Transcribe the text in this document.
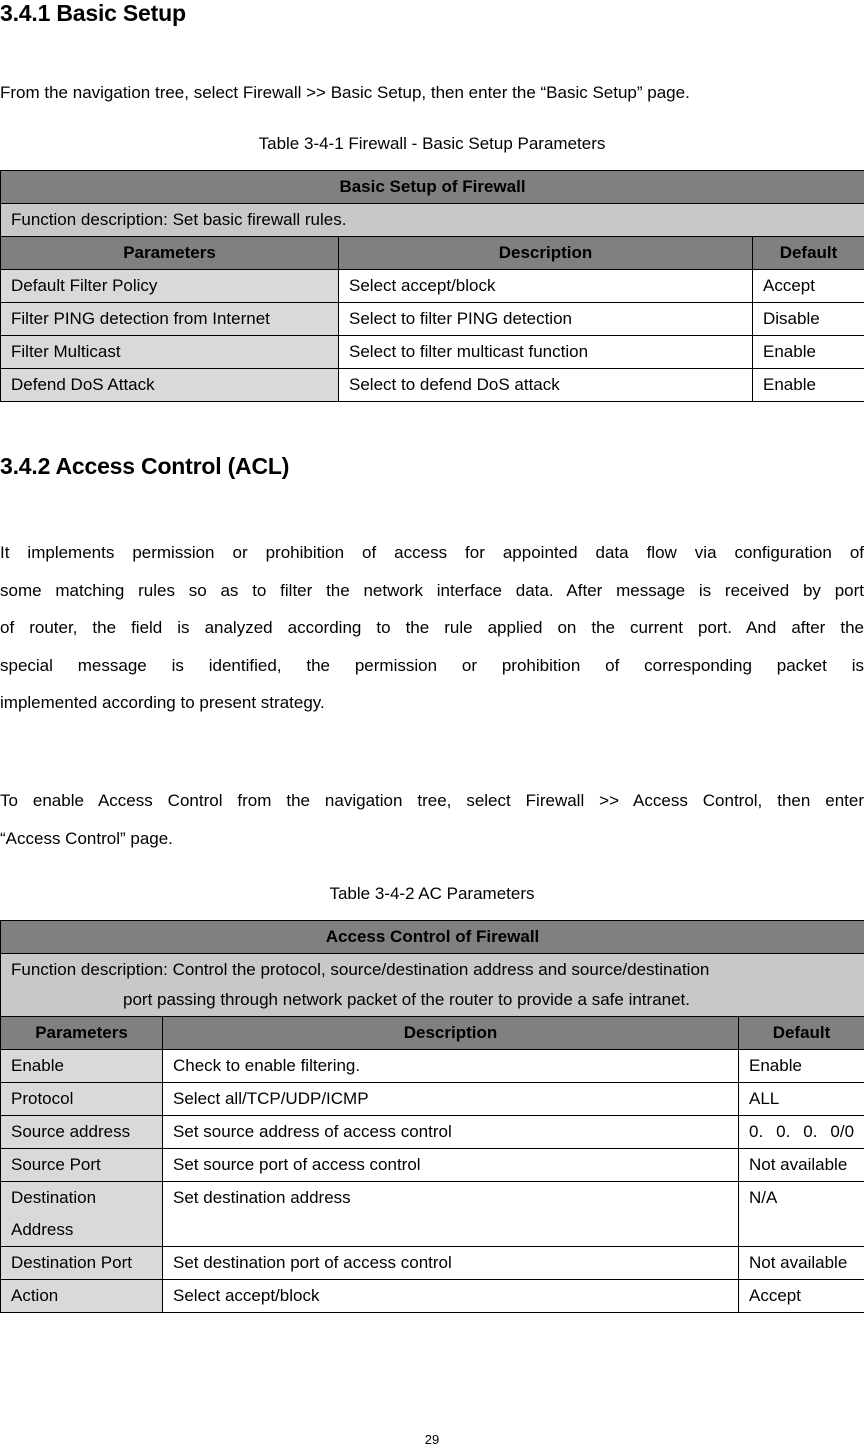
3.4.1 Basic Setup
From the navigation tree, select Firewall >> Basic Setup, then enter the “Basic Setup” page.
Table 3-4-1 Firewall - Basic Setup Parameters
Basic Setup of Firewall		
Function description: Set basic firewall rules.		
Parameters	Description	Default
Default Filter Policy	Select accept/block	Accept
Filter PING detection from Internet	Select to filter PING detection	Disable
Filter Multicast	Select to filter multicast function	Enable
Defend DoS Attack	Select to defend DoS attack	Enable
3.4.2 Access Control (ACL)
It implements permission or prohibition of access for appointed data flow via configuration of
some matching rules so as to filter the network interface data. After message is received by port
of router, the field is analyzed according to the rule applied on the current port. And after the
special message is identified, the permission or prohibition of corresponding packet is
implemented according to present strategy.
To enable Access Control from the navigation tree, select Firewall >> Access Control, then enter
“Access Control” page.
Table 3-4-2 AC Parameters
Access Control of Firewall		

Function description: Control the protocol, source/destination address and source/destination
port passing through network packet of the router to provide a safe intranet.		

Parameters	Description	Default
Enable	Check to enable filtering.	Enable
Protocol	Select all/TCP/UDP/ICMP	ALL
Source address	Set source address of access control	0. 0. 0. 0/0
Source Port	Set source port of access control	Not available
Destination Address	Set destination address	N/A
Destination Port	Set destination port of access control	Not available
Action	Select accept/block	Accept
29
